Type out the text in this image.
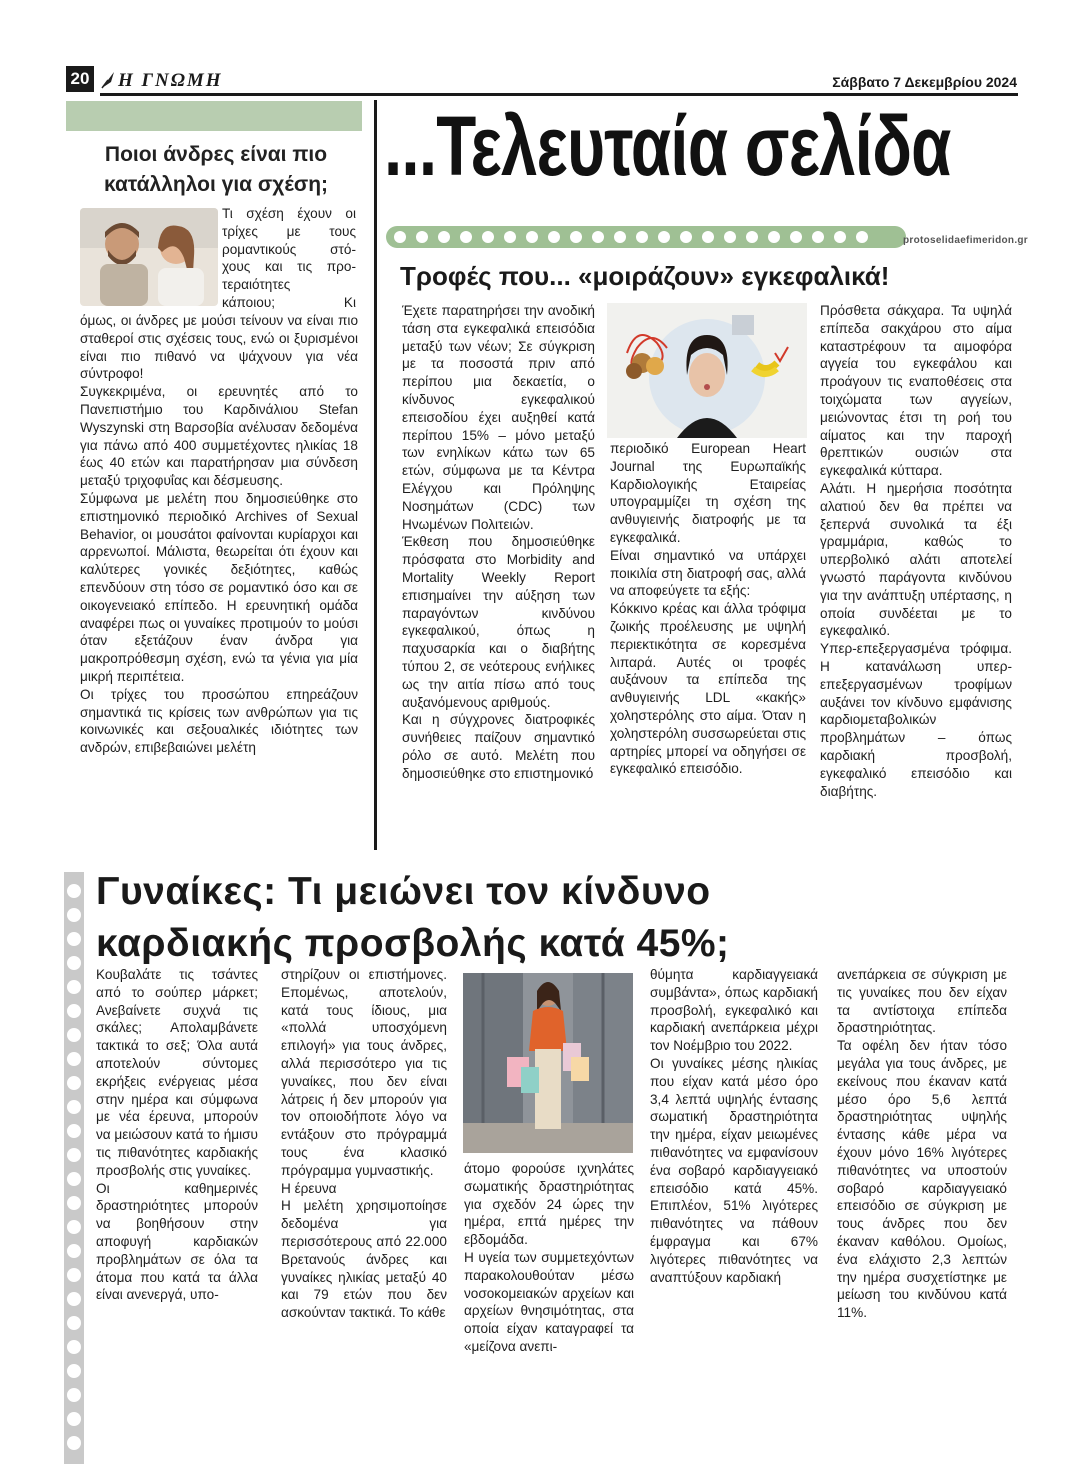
20 Η ΓΝΩΜΗ	Σάββατο 7 Δεκεμβρίου 2024
Ποιοι άνδρες είναι πιο κατάλληλοι για σχέση;

Τι σχέση έχουν οι

τρίχες με τους

ρομαντικούς στό-

χους και τις προ-

τεραιότητες

κάποιου; Κι

όμως, οι άνδρες με μούσι τείνουν να είναι πιο σταθεροί στις σχέσεις τους, ενώ οι ξυρισμένοι είναι πιο πιθανό να ψάχνουν για νέα σύντροφο!

Συγκεκριμένα, οι ερευνητές από το Πανεπιστήμιο του Καρδινάλιου Stefan Wyszynski στη Βαρσοβία ανέλυσαν δεδομένα για πάνω από 400 συμμετέχοντες ηλικίας 18 έως 40 ετών και παρατήρησαν μια σύνδεση μεταξύ τριχοφυΐας και δέσμευσης.

Σύμφωνα με μελέτη που δημοσιεύθηκε στο επιστημονικό περιοδικό Archives of Sexual Behavior, οι μουσάτοι φαίνονται κυρίαρχοι και αρρενωποί. Μάλιστα, θεωρείται ότι έχουν και καλύτερες γονικές δεξιότητες, καθώς επενδύουν στη τόσο σε ρομαντικό όσο και σε οικογενειακό επίπεδο. Η ερευνητική ομάδα αναφέρει πως οι γυναίκες προτιμούν το μούσι όταν εξετάζουν έναν άνδρα για μακροπρόθεσμη σχέση, ενώ τα γένια για μία μικρή περιπέτεια.

Οι τρίχες του προσώπου επηρεάζουν σημαντικά τις κρίσεις των ανθρώπων για τις κοινωνικές και σεξουαλικές ιδιότητες των ανδρών, επιβεβαιώνει μελέτη

...Τελευταία σελίδα
protoselidaefimeridon.gr
Τροφές που... «μοιράζουν» εγκεφαλικά!

Έχετε παρατηρήσει την ανοδική τάση στα εγκεφαλικά επεισόδια μεταξύ των νέων; Σε σύγκριση με τα ποσοστά πριν από περίπου μια δεκαετία, ο κίνδυνος εγκεφαλικού επεισοδίου έχει αυξηθεί κατά περίπου 15% – μόνο μεταξύ των ενηλίκων κάτω των 65 ετών, σύμφωνα με τα Κέντρα Ελέγχου και Πρόληψης Νοσημάτων (CDC) των Ηνωμένων Πολιτειών.

Έκθεση που δημοσιεύθηκε πρόσφατα στο Morbidity and Mortality Weekly Report επισημαίνει την αύξηση των παραγόντων κινδύνου εγκεφαλικού, όπως η παχυσαρκία και ο διαβήτης τύπου 2, σε νεότερους ενήλικες ως την αιτία πίσω από τους αυξανόμενους αριθμούς.

Και η σύγχρονες διατροφικές συνήθειες παίζουν σημαντικό ρόλο σε αυτό. Μελέτη που δημοσιεύθηκε στο επιστημονικό

περιοδικό European Heart Journal της Ευρωπαϊκής Καρδιολογικής Εταιρείας υπογραμμίζει τη σχέση της ανθυγιεινής διατροφής με τα εγκεφαλικά.

Είναι σημαντικό να υπάρχει ποικιλία στη διατροφή σας, αλλά να αποφεύγετε τα εξής:

Κόκκινο κρέας και άλλα τρόφιμα ζωικής προέλευσης με υψηλή περιεκτικότητα σε κορεσμένα λιπαρά. Αυτές οι τροφές αυξάνουν τα επίπεδα της ανθυγιεινής LDL «κακής» χοληστερόλης στο αίμα. Όταν η χοληστερόλη συσσωρεύεται στις αρτηρίες μπορεί να οδηγήσει σε εγκεφαλικό επεισόδιο.

Πρόσθετα σάκχαρα. Τα υψηλά επίπεδα σακχάρου στο αίμα καταστρέφουν τα αιμοφόρα αγγεία του εγκεφάλου και προάγουν τις εναποθέσεις στα τοιχώματα των αγγείων, μειώνοντας έτσι τη ροή του αίματος και την παροχή θρεπτικών ουσιών στα εγκεφαλικά κύτταρα.

Αλάτι. Η ημερήσια ποσότητα αλατιού δεν θα πρέπει να ξεπερνά συνολικά τα έξι γραμμάρια, καθώς το υπερβολικό αλάτι αποτελεί γνωστό παράγοντα κινδύνου για την ανάπτυξη υπέρτασης, η οποία συνδέεται με το εγκεφαλικό.

Υπερ-επεξεργασμένα τρόφιμα. Η κατανάλωση υπερ-επεξεργασμένων τροφίμων αυξάνει τον κίνδυνο εμφάνισης καρδιομεταβολικών προβλημάτων – όπως καρδιακή προσβολή, εγκεφαλικό επεισόδιο και διαβήτης.

Γυναίκες: Τι μειώνει τον κίνδυνο καρδιακής προσβολής κατά 45%;

Κουβαλάτε τις τσάντες από το σούπερ μάρκετ; Ανεβαίνετε συχνά τις σκάλες; Απολαμβάνετε τακτικά το σεξ; Όλα αυτά αποτελούν σύντομες εκρήξεις ενέργειας μέσα στην ημέρα και σύμφωνα με νέα έρευνα, μπορούν να μειώσουν κατά το ήμισυ τις πιθανότητες καρδιακής προσβολής στις γυναίκες.

Οι καθημερινές δραστηριότητες μπορούν να βοηθήσουν στην αποφυγή καρδιακών προβλημάτων σε όλα τα άτομα που κατά τα άλλα είναι ανενεργά, υπο-

στηρίζουν οι επιστήμονες. Επομένως, αποτελούν, κατά τους ίδιους, μια «πολλά υποσχόμενη επιλογή» για τους άνδρες, αλλά περισσότερο για τις γυναίκες, που δεν είναι λάτρεις ή δεν μπορούν για τον οποιοδήποτε λόγο να εντάξουν στο πρόγραμμά τους ένα κλασικό πρόγραμμα γυμναστικής.

Η έρευνα

Η μελέτη χρησιμοποίησε δεδομένα για περισσότερους από 22.000 Βρετανούς άνδρες και γυναίκες ηλικίας μεταξύ 40 και 79 ετών που δεν ασκούνταν τακτικά. Το κάθε

άτομο φορούσε ιχνηλάτες σωματικής δραστηριότητας για σχεδόν 24 ώρες την ημέρα, επτά ημέρες την εβδομάδα.

Η υγεία των συμμετεχόντων παρακολουθούταν μέσω νοσοκομειακών αρχείων και αρχείων θνησιμότητας, στα οποία είχαν καταγραφεί τα «μείζονα ανεπι-

θύμητα καρδιαγγειακά συμβάντα», όπως καρδιακή προσβολή, εγκεφαλικό και καρδιακή ανεπάρκεια μέχρι τον Νοέμβριο του 2022.

Οι γυναίκες μέσης ηλικίας που είχαν κατά μέσο όρο 3,4 λεπτά υψηλής έντασης σωματική δραστηριότητα την ημέρα, είχαν μειωμένες πιθανότητες να εμφανίσουν ένα σοβαρό καρδιαγγειακό επεισόδιο κατά 45%. Επιπλέον, 51% λιγότερες πιθανότητες να πάθουν έμφραγμα και 67% λιγότερες πιθανότητες να αναπτύξουν καρδιακή

ανεπάρκεια σε σύγκριση με τις γυναίκες που δεν είχαν τα αντίστοιχα επίπεδα δραστηριότητας.

Τα οφέλη δεν ήταν τόσο μεγάλα για τους άνδρες, με εκείνους που έκαναν κατά μέσο όρο 5,6 λεπτά δραστηριότητας υψηλής έντασης κάθε μέρα να έχουν μόνο 16% λιγότερες πιθανότητες να υποστούν σοβαρό καρδιαγγειακό επεισόδιο σε σύγκριση με τους άνδρες που δεν έκαναν καθόλου. Ομοίως, ένα ελάχιστο 2,3 λεπτών την ημέρα συσχετίστηκε με μείωση του κινδύνου κατά 11%.
